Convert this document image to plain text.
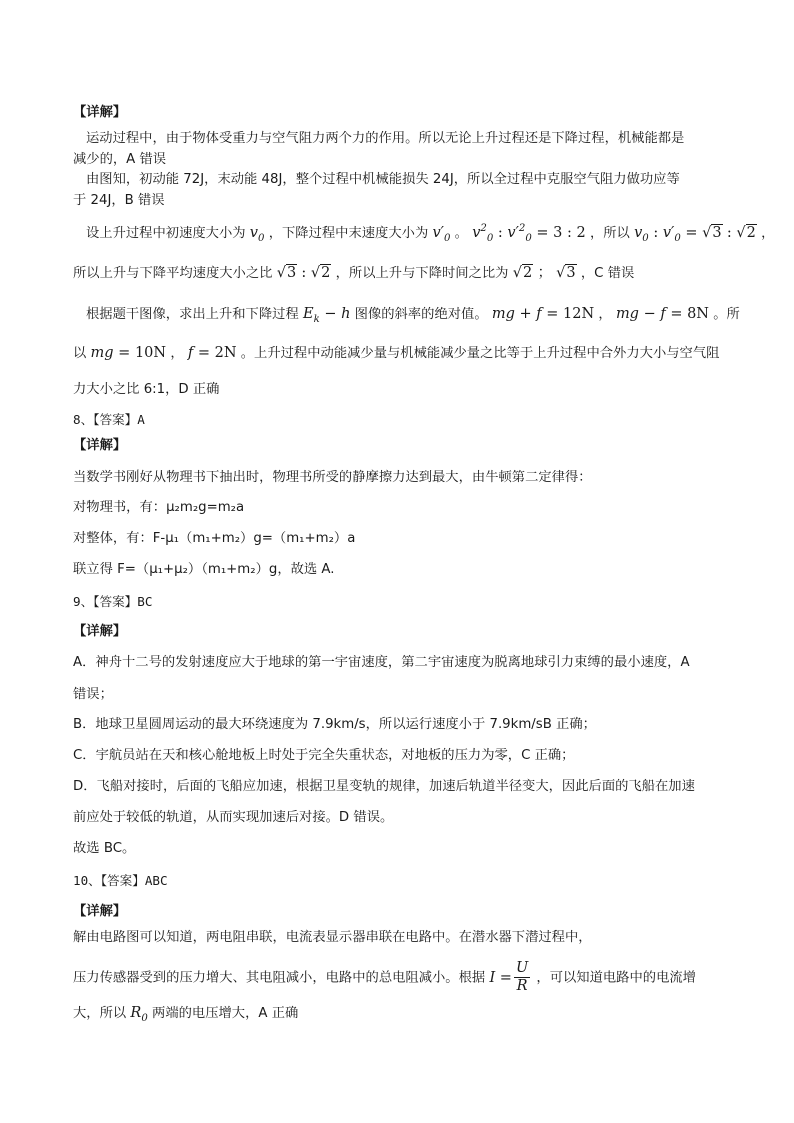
【详解】
运动过程中，由于物体受重力与空气阻力两个力的作用。所以无论上升过程还是下降过程，机械能都是
减少的，A 错误
由图知，初动能 72J，末动能 48J，整个过程中机械能损失 24J，所以全过程中克服空气阻力做功应等
于 24J，B 错误
设上升过程中初速度大小为 $v_0$ ，下降过程中末速度大小为 $v'_0$ 。 $v^2_0$ : $v'^2_0 = 3$ : 2 ，所以 $v_0$ : $v'_0 = √3$ : √2 ，
所以上升与下降平均速度大小之比 √3 : √2 ，所以上升与下降时间之比为 √2 ； √3 ，C 错误
根据题干图像，求出上升和下降过程 $E_k - h$ 图像的斜率的绝对值。 mg + f = 12N ， mg − f = 8N 。所
以 mg = 10N ， f = 2N 。上升过程中动能减少量与机械能减少量之比等于上升过程中合外力大小与空气阻
力大小之比 6:1，D 正确
8、【答案】A
【详解】
当数学书刚好从物理书下抽出时，物理书所受的静摩擦力达到最大，由牛顿第二定律得：
对物理书，有：μ₂m₂g=m₂a
对整体，有：F-μ₁（m₁+m₂）g=（m₁+m₂）a
联立得 F=（μ₁+μ₂）（m₁+m₂）g，故选 A.
9、【答案】BC
【详解】
A．神舟十二号的发射速度应大于地球的第一宇宙速度，第二宇宙速度为脱离地球引力束缚的最小速度，A
错误；
B．地球卫星圆周运动的最大环绕速度为 7.9km/s，所以运行速度小于 7.9km/sB 正确；
C．宇航员站在天和核心舱地板上时处于完全失重状态，对地板的压力为零，C 正确；
D．飞船对接时，后面的飞船应加速，根据卫星变轨的规律，加速后轨道半径变大，因此后面的飞船在加速
前应处于较低的轨道，从而实现加速后对接。D 错误。
故选 BC。
10、【答案】ABC
【详解】
解由电路图可以知道，两电阻串联，电流表显示器串联在电路中。在潜水器下潜过程中，
压力传感器受到的压力增大、其电阻减小，电路中的总电阻减小。根据 $I = \frac{U}{R}$ ，可以知道电路中的电流增
大，所以 $R_0$ 两端的电压增大，A 正确
